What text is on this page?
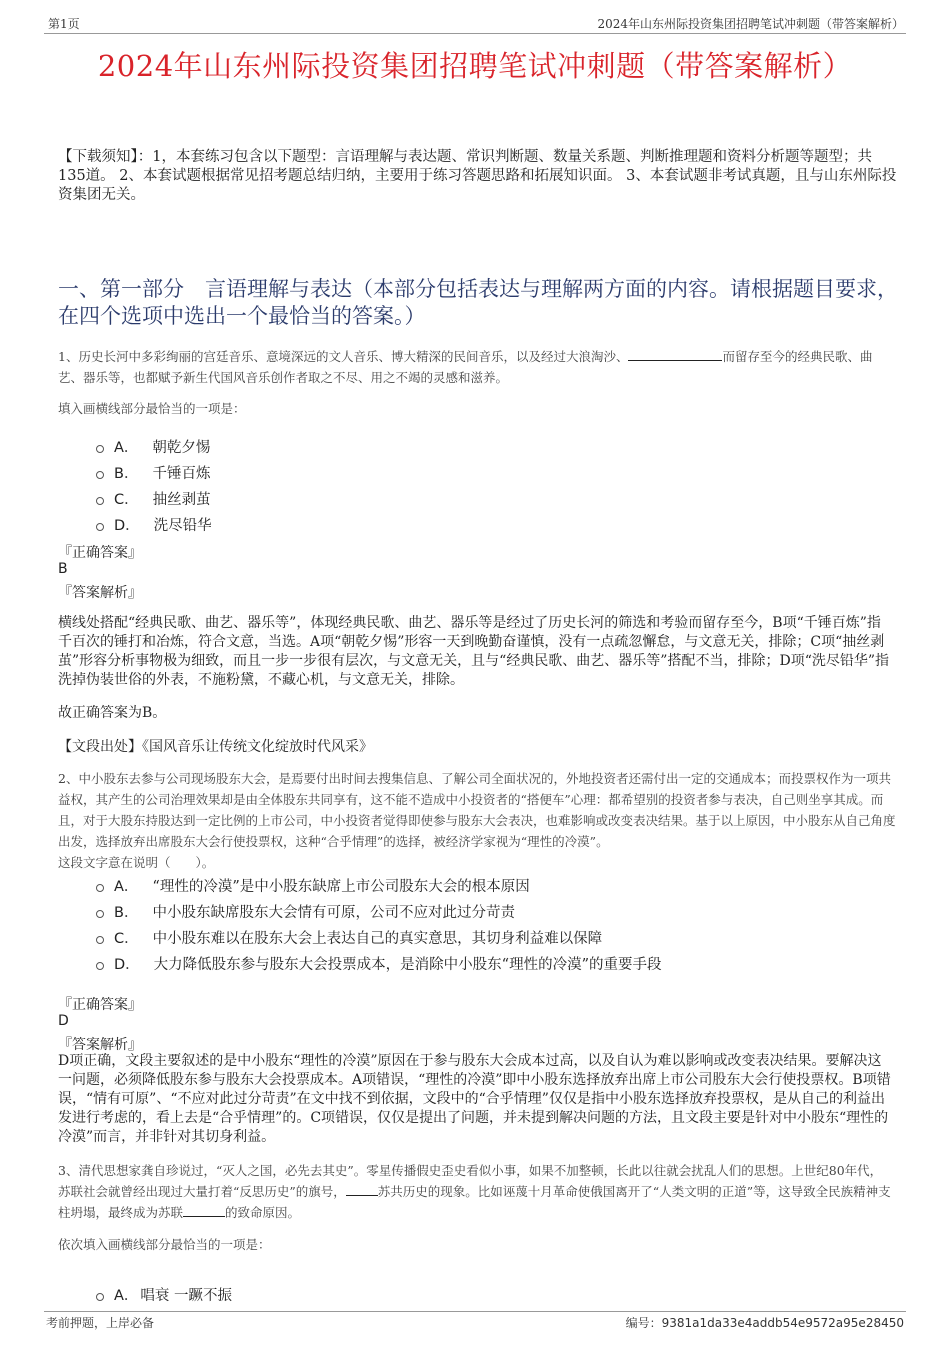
第1页	2024年山东州际投资集团招聘笔试冲刺题（带答案解析）
2024年山东州际投资集团招聘笔试冲刺题（带答案解析）
【下载须知】：1，本套练习包含以下题型：言语理解与表达题、常识判断题、数量关系题、判断推理题和资料分析题等题型；共135道。 2、本套试题根据常见招考题总结归纳，主要用于练习答题思路和拓展知识面。 3、本套试题非考试真题，且与山东州际投资集团无关。
一、第一部分　言语理解与表达（本部分包括表达与理解两方面的内容。请根据题目要求，在四个选项中选出一个最恰当的答案。）
1、历史长河中多彩绚丽的宫廷音乐、意境深远的文人音乐、博大精深的民间音乐，以及经过大浪淘沙、	而留存至今的经典民歌、曲艺、器乐等，也都赋予新生代国风音乐创作者取之不尽、用之不竭的灵感和滋养。
填入画横线部分最恰当的一项是：
A． 朝乾夕惕
B． 千锤百炼
C． 抽丝剥茧
D． 洗尽铅华
『正确答案』
B
『答案解析』
横线处搭配“经典民歌、曲艺、器乐等”，体现经典民歌、曲艺、器乐等是经过了历史长河的筛选和考验而留存至今，B项“千锤百炼”指千百次的锤打和冶炼，符合文意，当选。A项“朝乾夕惕”形容一天到晚勤奋谨慎，没有一点疏忽懈怠，与文意无关，排除；C项“抽丝剥茧”形容分析事物极为细致，而且一步一步很有层次，与文意无关，且与“经典民歌、曲艺、器乐等”搭配不当，排除；D项“洗尽铅华”指洗掉伪装世俗的外表，不施粉黛，不藏心机，与文意无关，排除。
故正确答案为B。
【文段出处】《国风音乐让传统文化绽放时代风采》
2、中小股东去参与公司现场股东大会，是焉要付出时间去搜集信息、了解公司全面状况的，外地投资者还需付出一定的交通成本；而投票权作为一项共益权，其产生的公司治理效果却是由全体股东共同享有，这不能不造成中小投资者的“搭便车”心理：都希望别的投资者参与表决，自己则坐享其成。而且，对于大股东持股达到一定比例的上市公司，中小投资者觉得即使参与股东大会表决，也难影响或改变表决结果。基于以上原因，中小股东从自己角度出发，选择放弃出席股东大会行使投票权，这种“合乎情理”的选择，被经济学家视为“理性的冷漠”。
这段文字意在说明（　　）。
A． “理性的冷漠”是中小股东缺席上市公司股东大会的根本原因
B． 中小股东缺席股东大会情有可原，公司不应对此过分苛责
C． 中小股东难以在股东大会上表达自己的真实意思，其切身利益难以保障
D． 大力降低股东参与股东大会投票成本，是消除中小股东“理性的冷漠”的重要手段
『正确答案』
D
『答案解析』
D项正确，文段主要叙述的是中小股东“理性的冷漠”原因在于参与股东大会成本过高，以及自认为难以影响或改变表决结果。要解决这一问题，必须降低股东参与股东大会投票成本。A项错误，“理性的冷漠”即中小股东选择放弃出席上市公司股东大会行使投票权。B项错误，“情有可原”、“不应对此过分苛责”在文中找不到依据，文段中的“合乎情理”仅仅是指中小股东选择放弃投票权，是从自己的利益出发进行考虑的，看上去是“合乎情理”的。C项错误，仅仅是提出了问题，并未提到解决问题的方法，且文段主要是针对中小股东“理性的冷漠”而言，并非针对其切身利益。
3、清代思想家龚自珍说过，“灭人之国，必先去其史”。零星传播假史歪史看似小事，如果不加整顿，长此以往就会扰乱人们的思想。上世纪80年代，苏联社会就曾经出现过大量打着“反思历史”的旗号，	苏共历史的现象。比如诬蔑十月革命使俄国离开了“人类文明的正道”等，这导致全民族精神支柱坍塌，最终成为苏联	的致命原因。
依次填入画横线部分最恰当的一项是：
A． 唱衰 一蹶不振
考前押题，上岸必备	编号：9381a1da33e4addb54e9572a95e28450
